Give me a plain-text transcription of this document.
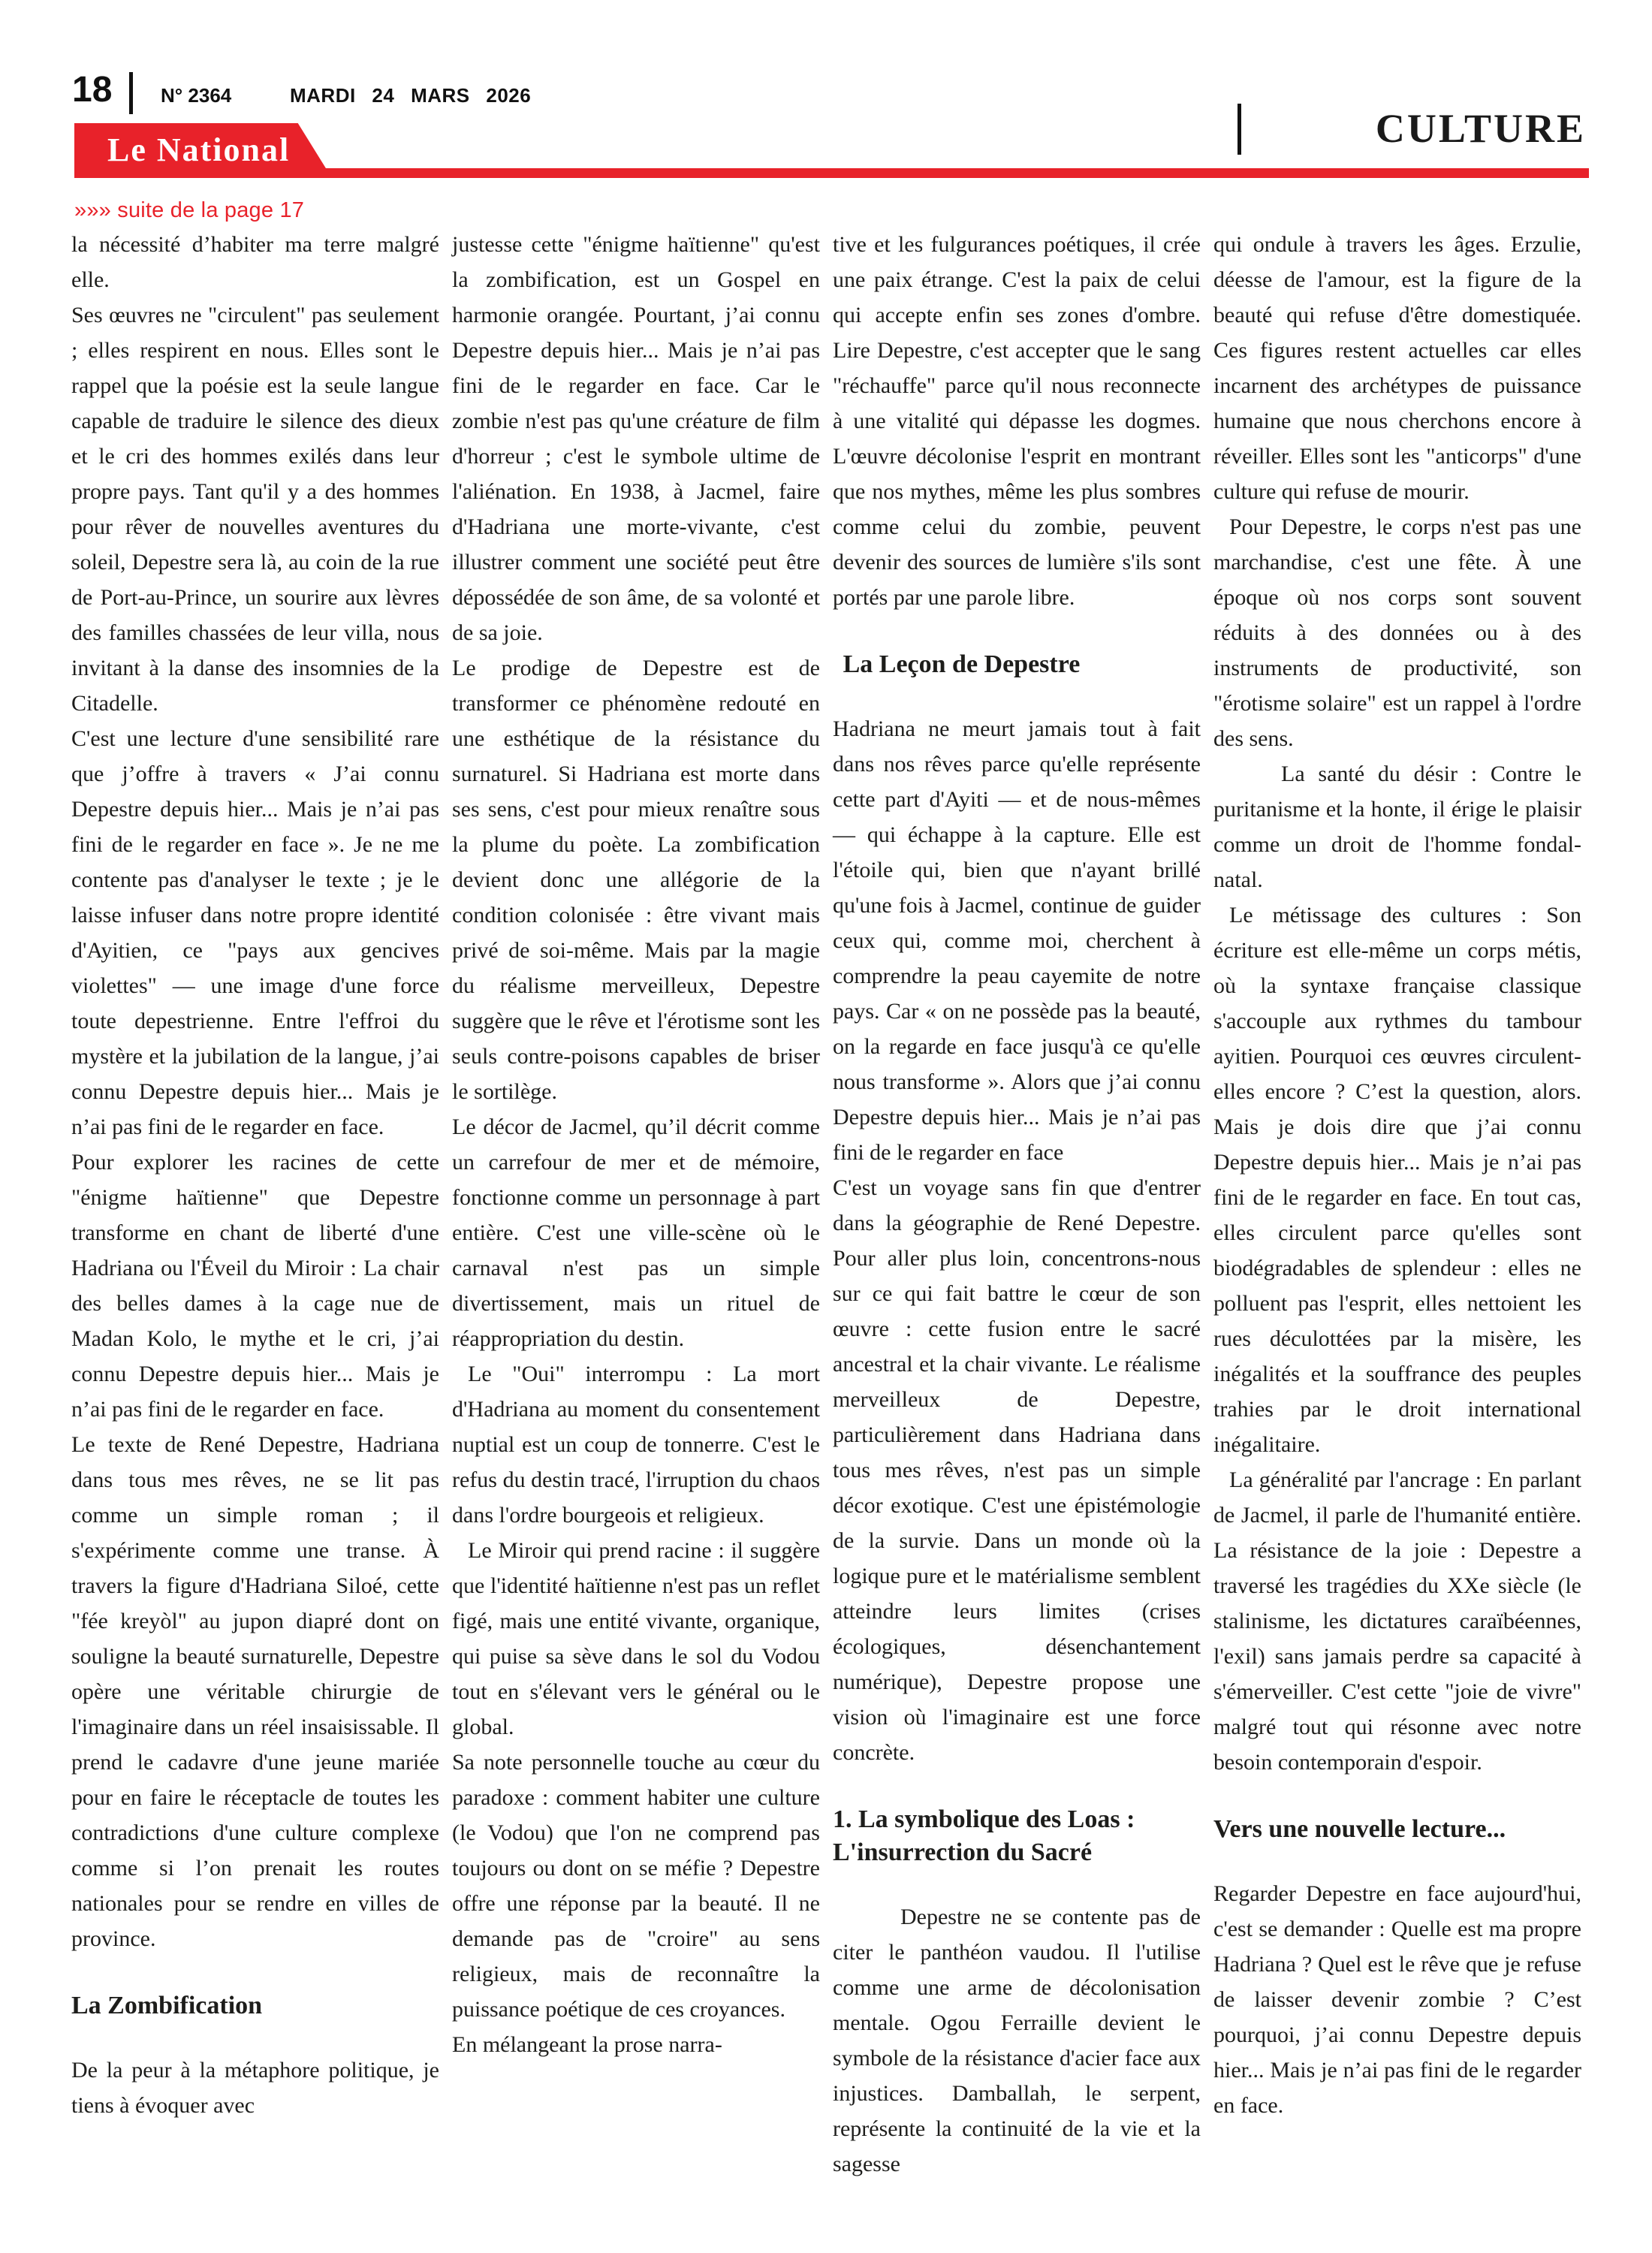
18 N° 2364	MARDI 24 MARS 2026
Le National	CULTURE
»»» suite de la page 17

la nécessité d’habiter ma terre malgré elle.

Ses œuvres ne "circulent" pas seulement ; elles respirent en nous. Elles sont le rappel que la poésie est la seule langue capable de traduire le silence des dieux et le cri des hommes exilés dans leur propre pays. Tant qu'il y a des hommes pour rêver de nouvelles aventures du soleil, Depestre sera là, au coin de la rue de Port-au-Prince, un sourire aux lèvres des familles chassées de leur villa, nous invitant à la danse des insomnies de la Citadelle.

C'est une lecture d'une sensibilité rare que j’offre à travers « J’ai connu Depestre depuis hier... Mais je n’ai pas fini de le regarder en face ». Je ne me contente pas d'analyser le texte ; je le laisse infuser dans notre propre identité d'Ayitien, ce "pays aux gencives violettes" — une image d'une force toute depestrienne. Entre l'effroi du mystère et la jubilation de la langue, j’ai connu Depestre depuis hier... Mais je n’ai pas fini de le regarder en face.

Pour explorer les racines de cette "énigme haïtienne" que Depestre transforme en chant de liberté d'une Hadriana ou l'Éveil du Miroir : La chair des belles dames à la cage nue de Madan Kolo, le mythe et le cri, j’ai connu Depestre depuis hier... Mais je n’ai pas fini de le regarder en face.

Le texte de René Depestre, Hadriana dans tous mes rêves, ne se lit pas comme un simple roman ; il s'expérimente comme une transe. À travers la figure d'Hadriana Siloé, cette "fée kreyòl" au jupon diapré dont on souligne la beauté surnaturelle, Depestre opère une véritable chirurgie de l'imaginaire dans un réel insaisissable. Il prend le cadavre d'une jeune mariée pour en faire le réceptacle de toutes les contradictions d'une culture complexe comme si l’on prenait les routes nationales pour se rendre en villes de province.

La Zombification

De la peur à la métaphore politique, je tiens à évoquer avec

justesse cette "énigme haïtienne" qu'est la zombification, est un Gospel en harmonie orangée. Pourtant, j’ai connu Depestre depuis hier... Mais je n’ai pas fini de le regarder en face. Car le zombie n'est pas qu'une créature de film d'horreur ; c'est le symbole ultime de l'aliénation. En 1938, à Jacmel, faire d'Hadriana une morte-vivante, c'est illustrer comment une société peut être dépossédée de son âme, de sa volonté et de sa joie.

Le prodige de Depestre est de transformer ce phénomène redouté en une esthétique de la résistance du surnaturel. Si Hadriana est morte dans ses sens, c'est pour mieux renaître sous la plume du poète. La zombification devient donc une allégorie de la condition colonisée : être vivant mais privé de soi-même. Mais par la magie du réalisme merveilleux, Depestre suggère que le rêve et l'érotisme sont les seuls contre-poisons capables de briser le sortilège.

Le décor de Jacmel, qu’il décrit comme un carrefour de mer et de mémoire, fonctionne comme un personnage à part entière. C'est une ville-scène où le carnaval n'est pas un simple divertissement, mais un rituel de réappropriation du destin.

Le "Oui" interrompu : La mort d'Hadriana au moment du consentement nuptial est un coup de tonnerre. C'est le refus du destin tracé, l'irruption du chaos dans l'ordre bourgeois et religieux.

Le Miroir qui prend racine : il suggère que l'identité haïtienne n'est pas un reflet figé, mais une entité vivante, organique, qui puise sa sève dans le sol du Vodou tout en s'élevant vers le général ou le global.

Sa note personnelle touche au cœur du paradoxe : comment habiter une culture (le Vodou) que l'on ne comprend pas toujours ou dont on se méfie ? Depestre offre une réponse par la beauté. Il ne demande pas de "croire" au sens religieux, mais de reconnaître la puissance poétique de ces croyances.

En mélangeant la prose narra-

tive et les fulgurances poétiques, il crée une paix étrange. C'est la paix de celui qui accepte enfin ses zones d'ombre. Lire Depestre, c'est accepter que le sang "réchauffe" parce qu'il nous reconnecte à une vitalité qui dépasse les dogmes. L'œuvre décolonise l'esprit en montrant que nos mythes, même les plus sombres comme celui du zombie, peuvent devenir des sources de lumière s'ils sont portés par une parole libre.

La Leçon de Depestre

Hadriana ne meurt jamais tout à fait dans nos rêves parce qu'elle représente cette part d'Ayiti — et de nous-mêmes — qui échappe à la capture. Elle est l'étoile qui, bien que n'ayant brillé qu'une fois à Jacmel, continue de guider ceux qui, comme moi, cherchent à comprendre la peau cayemite de notre pays. Car « on ne possède pas la beauté, on la regarde en face jusqu'à ce qu'elle nous transforme ». Alors que j’ai connu Depestre depuis hier... Mais je n’ai pas fini de le regarder en face

C'est un voyage sans fin que d'entrer dans la géographie de René Depestre. Pour aller plus loin, concentrons-nous sur ce qui fait battre le cœur de son œuvre : cette fusion entre le sacré ancestral et la chair vivante. Le réalisme merveilleux de Depestre, particulièrement dans Hadriana dans tous mes rêves, n'est pas un simple décor exotique. C'est une épistémologie de la survie. Dans un monde où la logique pure et le matérialisme semblent atteindre leurs limites (crises écologiques, désenchantement numérique), Depestre propose une vision où l'imaginaire est une force concrète.

1. La symbolique des Loas : L'insurrection du Sacré

Depestre ne se contente pas de citer le panthéon vaudou. Il l'utilise comme une arme de décolonisation mentale. Ogou Ferraille devient le symbole de la résistance d'acier face aux injustices. Damballah, le serpent, représente la continuité de la vie et la sagesse

qui ondule à travers les âges. Erzulie, déesse de l'amour, est la figure de la beauté qui refuse d'être domestiquée. Ces figures restent actuelles car elles incarnent des archétypes de puissance humaine que nous cherchons encore à réveiller. Elles sont les "anticorps" d'une culture qui refuse de mourir.

Pour Depestre, le corps n'est pas une marchandise, c'est une fête. À une époque où nos corps sont souvent réduits à des données ou à des instruments de productivité, son "érotisme solaire" est un rappel à l'ordre des sens.

La santé du désir : Contre le puritanisme et la honte, il érige le plaisir comme un droit de l'homme fondal-natal.

Le métissage des cultures : Son écriture est elle-même un corps métis, où la syntaxe française classique s'accouple aux rythmes du tambour ayitien. Pourquoi ces œuvres circulent-elles encore ? C’est la question, alors. Mais je dois dire que j’ai connu Depestre depuis hier... Mais je n’ai pas fini de le regarder en face. En tout cas, elles circulent parce qu'elles sont biodégradables de splendeur : elles ne polluent pas l'esprit, elles nettoient les rues déculottées par la misère, les inégalités et la souffrance des peuples trahies par le droit international inégalitaire.

La généralité par l'ancrage : En parlant de Jacmel, il parle de l'humanité entière. La résistance de la joie : Depestre a traversé les tragédies du XXe siècle (le stalinisme, les dictatures caraïbéennes, l'exil) sans jamais perdre sa capacité à s'émerveiller. C'est cette "joie de vivre" malgré tout qui résonne avec notre besoin contemporain d'espoir.

Vers une nouvelle lecture...

Regarder Depestre en face aujourd'hui, c'est se demander : Quelle est ma propre Hadriana ? Quel est le rêve que je refuse de laisser devenir zombie ? C’est pourquoi, j’ai connu Depestre depuis hier... Mais je n’ai pas fini de le regarder en face.
